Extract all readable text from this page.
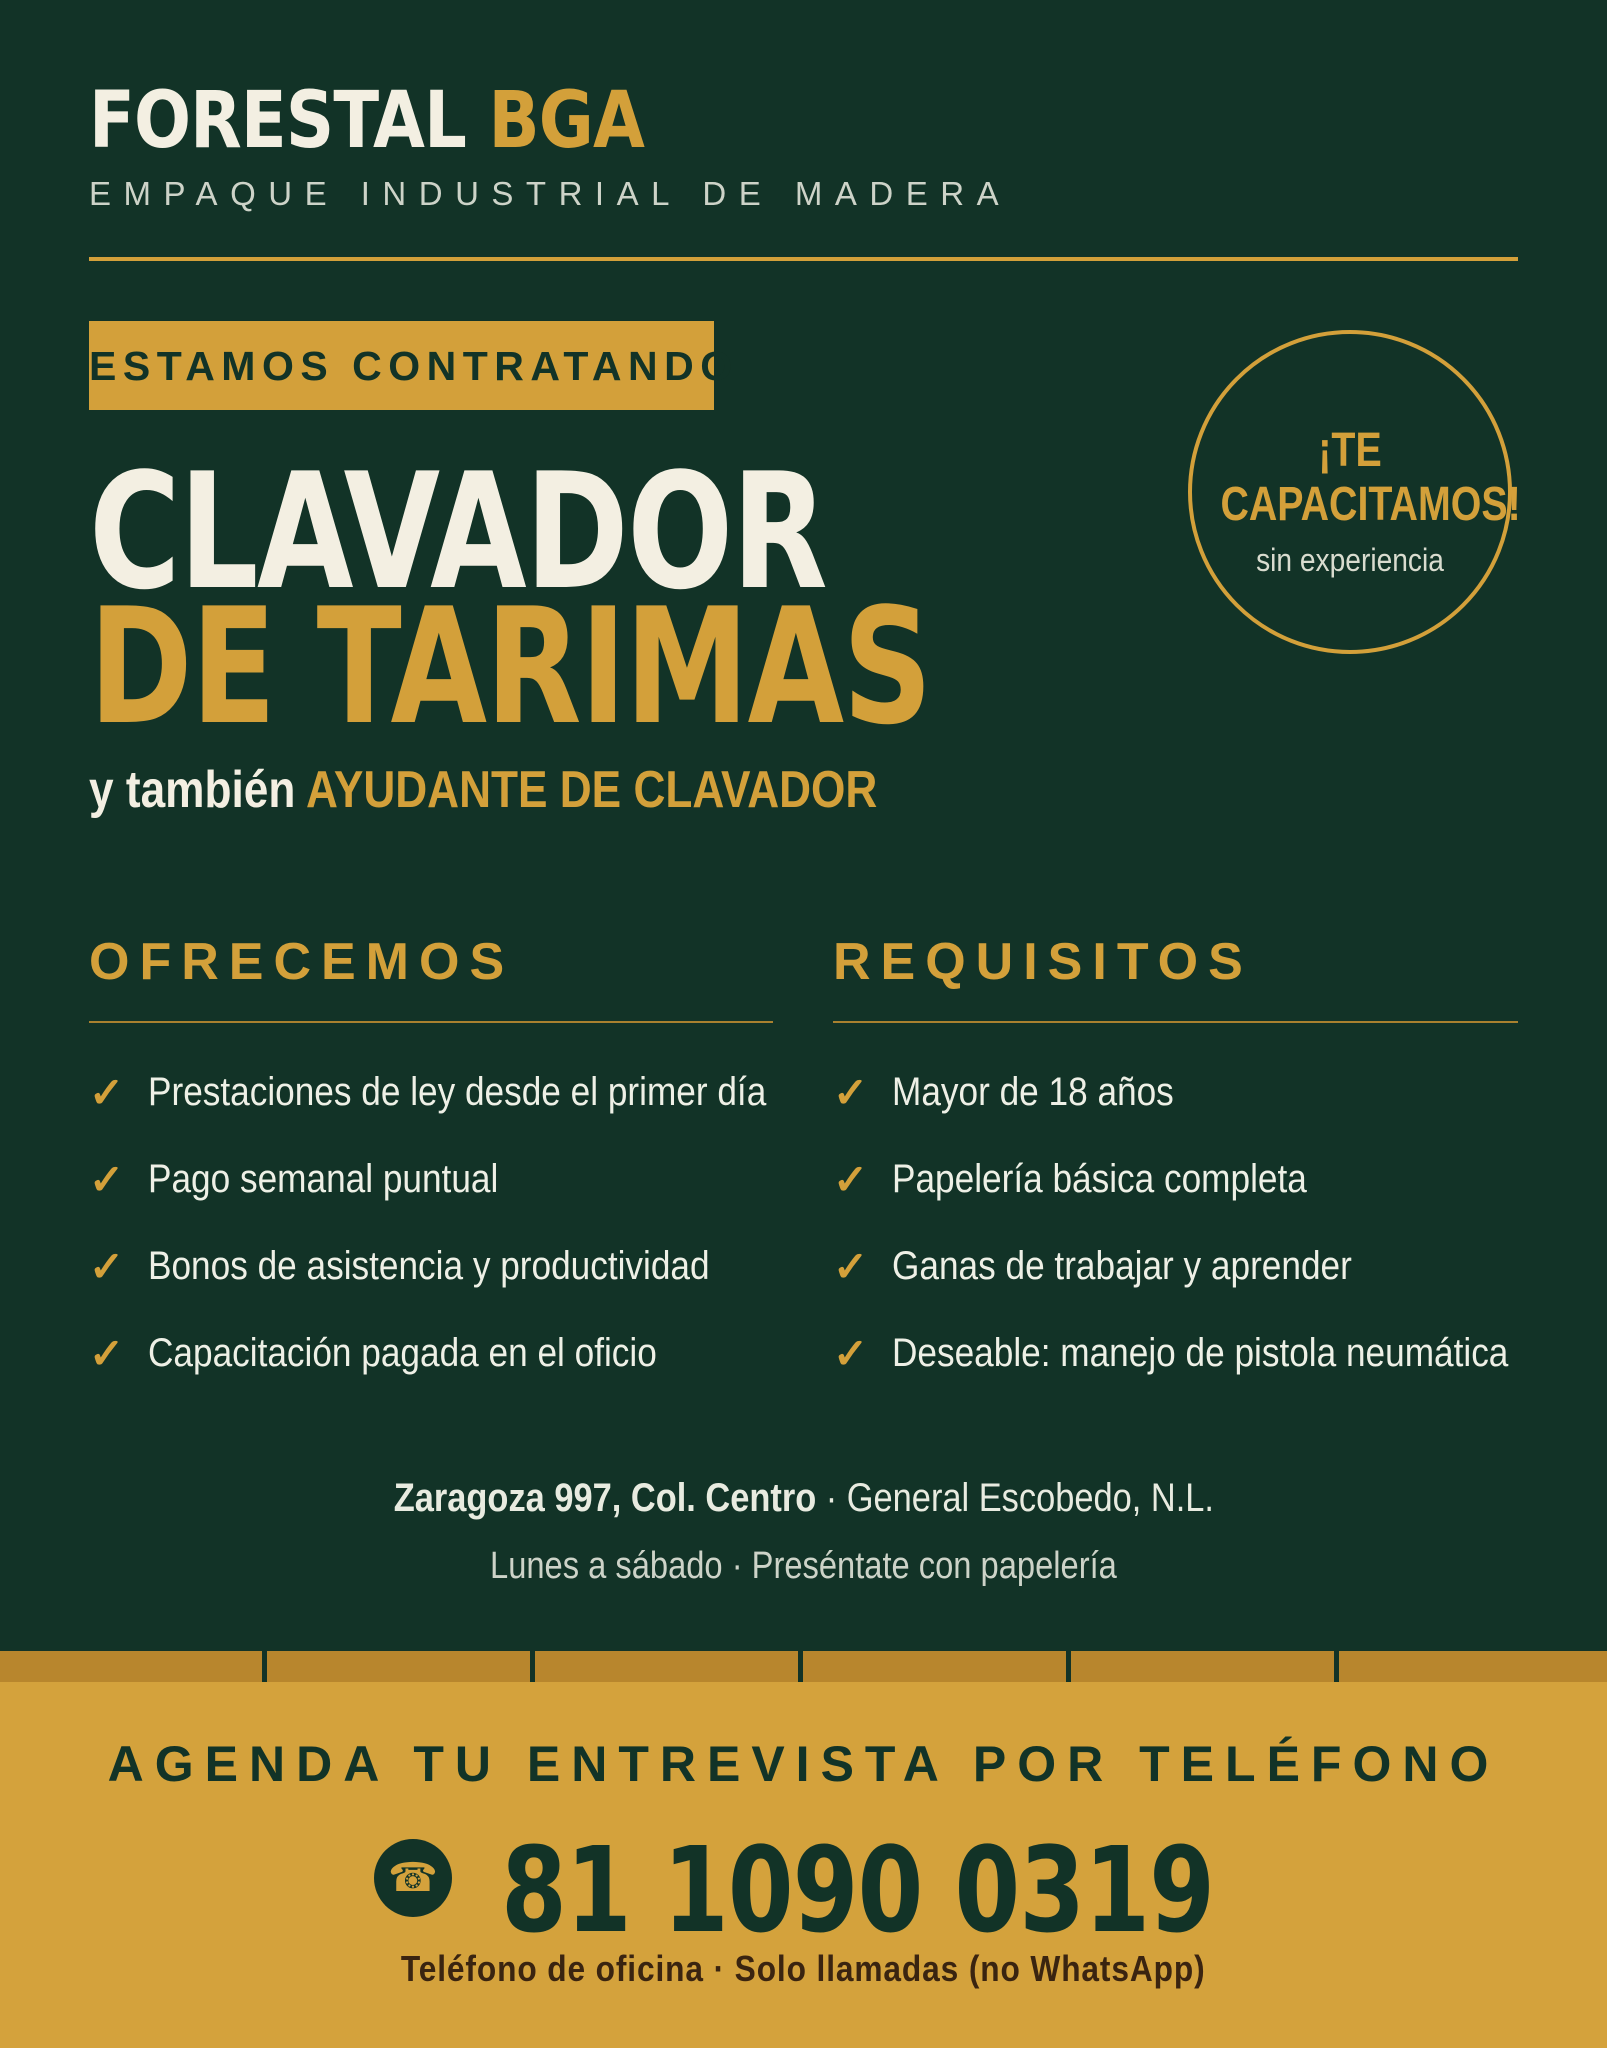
FORESTAL BGA
EMPAQUE INDUSTRIAL DE MADERA
ESTAMOS CONTRATANDO
CLAVADOR
DE TARIMAS
y también AYUDANTE DE CLAVADOR
¡TE
CAPACITAMOS!
sin experiencia
OFRECEMOS
✓ Prestaciones de ley desde el primer día
✓ Pago semanal puntual
✓ Bonos de asistencia y productividad
✓ Capacitación pagada en el oficio
REQUISITOS
✓ Mayor de 18 años
✓ Papelería básica completa
✓ Ganas de trabajar y aprender
✓ Deseable: manejo de pistola neumática
Zaragoza 997, Col. Centro · General Escobedo, N.L.
Lunes a sábado · Preséntate con papelería
AGENDA TU ENTREVISTA POR TELÉFONO
☎ 81 1090 0319
Teléfono de oficina · Solo llamadas (no WhatsApp)
